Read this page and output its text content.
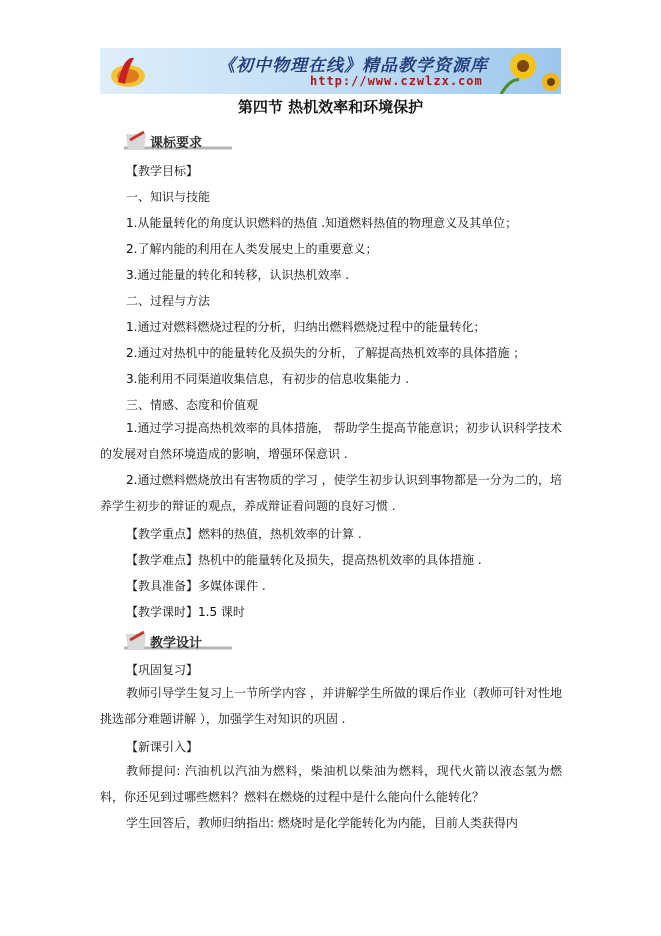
《初中物理在线》精品教学资源库
http://www.czwlzx.com
第四节 热机效率和环境保护
课标要求
【教学目标】
一、知识与技能
1.从能量转化的角度认识燃料的热值 .知道燃料热值的物理意义及其单位；
2.了解内能的利用在人类发展史上的重要意义；
3.通过能量的转化和转移，认识热机效率 .
二、过程与方法
1.通过对燃料燃烧过程的分析，归纳出燃料燃烧过程中的能量转化；
2.通过对热机中的能量转化及损失的分析，了解提高热机效率的具体措施 ；
3.能利用不同渠道收集信息，有初步的信息收集能力 .
三、情感、态度和价值观
1.通过学习提高热机效率的具体措施， 帮助学生提高节能意识；初步认识科学技术的发展对自然环境造成的影响，增强环保意识 .
2.通过燃料燃烧放出有害物质的学习 ，使学生初步认识到事物都是一分为二的，培养学生初步的辩证的观点，养成辩证看问题的良好习惯 .
【教学重点】燃料的热值，热机效率的计算 .
【教学难点】热机中的能量转化及损失，提高热机效率的具体措施 .
【教具准备】多媒体课件 .
【教学课时】1.5 课时
教学设计
【巩固复习】
教师引导学生复习上一节所学内容 ，并讲解学生所做的课后作业（教师可针对性地挑选部分难题讲解 ），加强学生对知识的巩固 .
【新课引入】
教师提问: 汽油机以汽油为燃料，柴油机以柴油为燃料，现代火箭以液态氢为燃料，你还见到过哪些燃料？燃料在燃烧的过程中是什么能向什么能转化？
学生回答后，教师归纳指出: 燃烧时是化学能转化为内能，目前人类获得内
